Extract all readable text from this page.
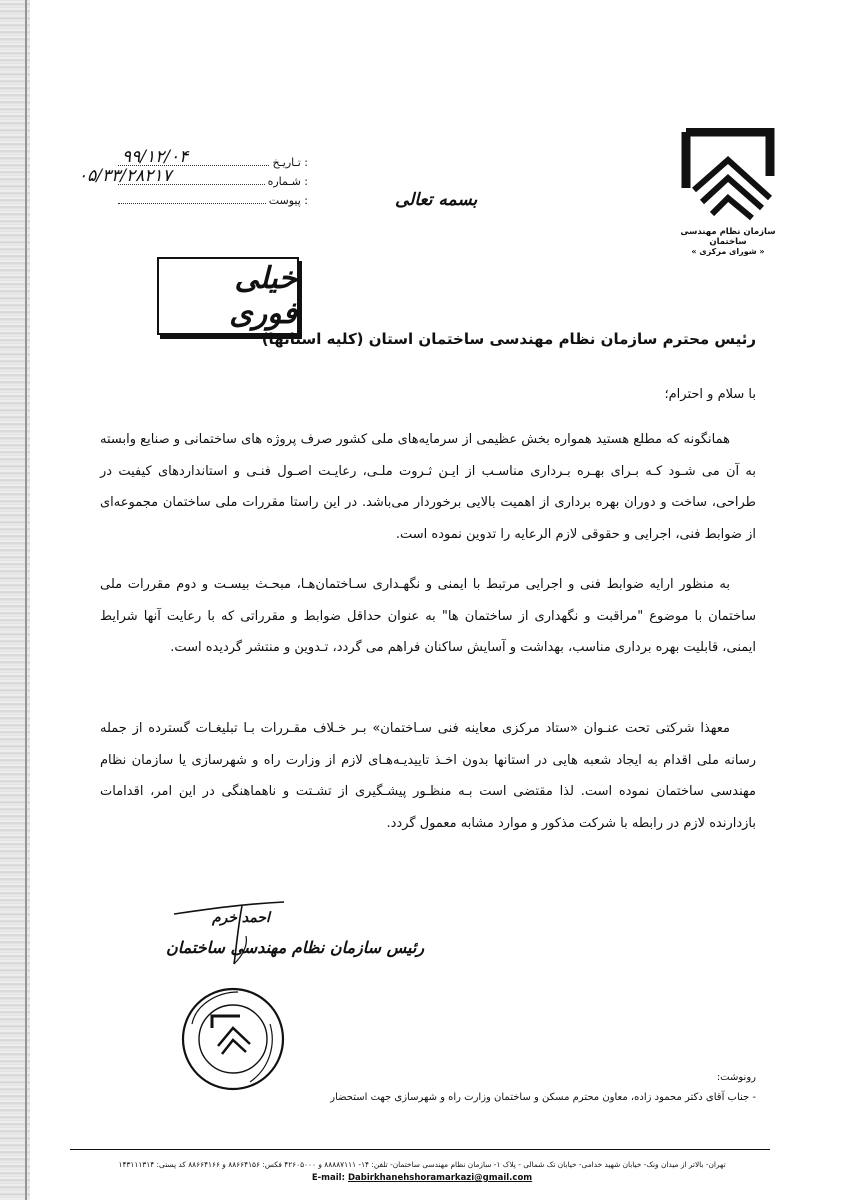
سازمان نظام مهندسی ساختمان
« شورای مرکزی »
تـاریـخ :
۹۹/۱۲/۰۴
شـماره :
۰۵/۳۳/۲۸۲۱۷
پیوست :	بسمه تعالی
خیلی فوری
رئیس محترم سازمان نظام مهندسی ساختمان استان (کلیه استانها)
با سلام و احترام؛

همانگونه که مطلع هستید همواره بخش عظیمی از سرمایه‌های ملی کشور صرف پروژه های ساختمانی و صنایع وابسته به آن می شـود کـه بـرای بهـره بـرداری مناسـب از ایـن ثـروت ملـی، رعایـت اصـول فنـی و استانداردهای کیفیت در طراحی، ساخت و دوران بهره برداری از اهمیت بالایی برخوردار می‌باشد. در این راستا مقررات ملی ساختمان مجموعه‌ای از ضوابط فنی، اجرایی و حقوقی لازم الرعایه را تدوین نموده است.

به منظور ارایه ضوابط فنی و اجرایی مرتبط با ایمنی و نگهـداری سـاختمان‌هـا، مبحـث بیسـت و دوم مقررات ملی ساختمان با موضوع "مراقبت و نگهداری از ساختمان ها" به عنوان حداقل ضوابط و مقرراتی که با رعایت آنها شرایط ایمنی، قابلیت بهره برداری مناسب، بهداشت و آسایش ساکنان فراهم می گردد، تـدوین و منتشر گردیده است.

معهذا شرکتی تحت عنـوان «ستاد مرکزی معاینه فنی سـاختمان» بـر خـلاف مقـررات بـا تبلیغـات گسترده از جمله رسانه ملی اقدام به ایجاد شعبه هایی در استانها بدون اخـذ تاییدیـه‌هـای لازم از وزارت راه و شهرسازی یا سازمان نظام مهندسی ساختمان نموده است. لذا مقتضی است بـه منظـور پیشـگیری از تشـتت و ناهماهنگی در این امر، اقدامات بازدارنده لازم در رابطه با شرکت مذکور و موارد مشابه معمول گردد.

احمد خرم
رئیس سازمان نظام مهندسی ساختمان
رونوشت:
- جناب آقای دکتر محمود زاده، معاون محترم مسکن و ساختمان وزارت راه و شهرسازی جهت استحضار
تهران- بالاتر از میدان ونک- خیابان شهید خدامی- خیابان تک شمالی - پلاک ۱- سازمان نظام مهندسی ساختمان- تلفن: ۱۴- ۸۸۸۸۷۱۱۱ و ۴۲۶۰۵۰۰۰ فکس: ۸۸۶۶۴۱۵۶ و ۸۸۶۶۴۱۶۶ کد پستی: ۱۴۳۱۱۱۳۱۴
E-mail: Dabirkhanehshoramarkazi@gmail.com
